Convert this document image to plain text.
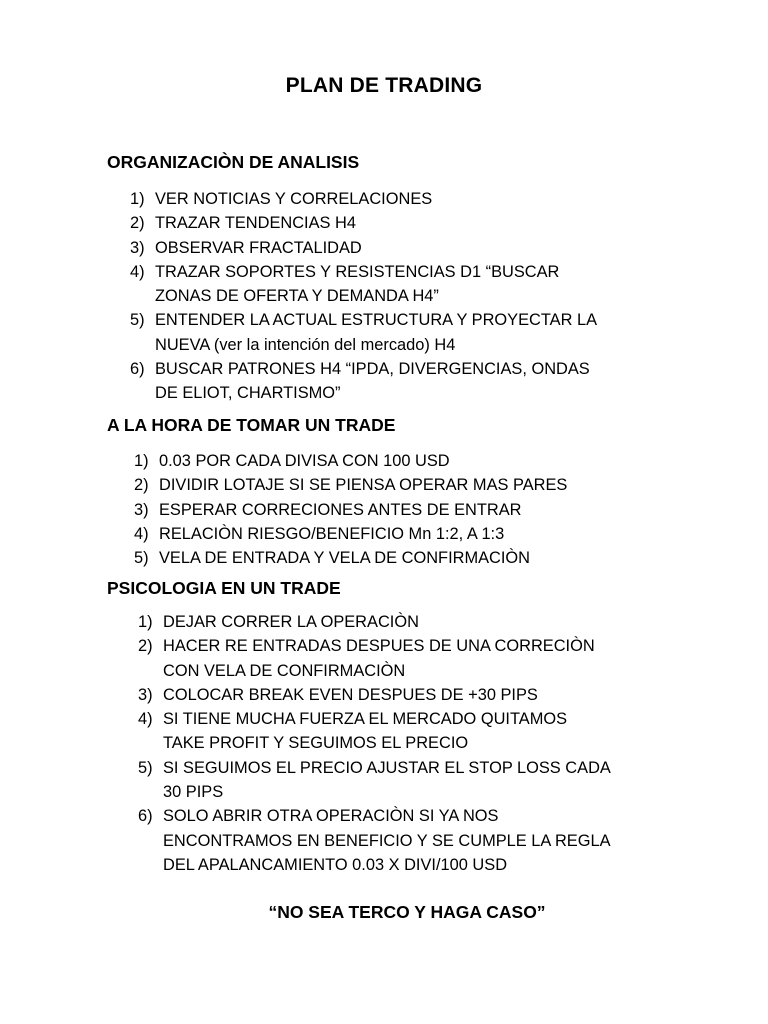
PLAN DE TRADING
ORGANIZACIÒN DE ANALISIS
1) VER NOTICIAS Y CORRELACIONES
2) TRAZAR TENDENCIAS H4
3) OBSERVAR FRACTALIDAD
4) TRAZAR SOPORTES Y RESISTENCIAS D1 “BUSCAR
ZONAS DE OFERTA Y DEMANDA H4”
5) ENTENDER LA ACTUAL ESTRUCTURA Y PROYECTAR LA
NUEVA (ver la intención del mercado) H4
6) BUSCAR PATRONES H4 “IPDA, DIVERGENCIAS, ONDAS
DE ELIOT, CHARTISMO”
A LA HORA DE TOMAR UN TRADE
1) 0.03 POR CADA DIVISA CON 100 USD
2) DIVIDIR LOTAJE SI SE PIENSA OPERAR MAS PARES
3) ESPERAR CORRECIONES ANTES DE ENTRAR
4) RELACIÒN RIESGO/BENEFICIO Mn 1:2, A 1:3
5) VELA DE ENTRADA Y VELA DE CONFIRMACIÒN
PSICOLOGIA EN UN TRADE
1) DEJAR CORRER LA OPERACIÒN
2) HACER RE ENTRADAS DESPUES DE UNA CORRECIÒN
CON VELA DE CONFIRMACIÒN
3) COLOCAR BREAK EVEN DESPUES DE +30 PIPS
4) SI TIENE MUCHA FUERZA EL MERCADO QUITAMOS
TAKE PROFIT Y SEGUIMOS EL PRECIO
5) SI SEGUIMOS EL PRECIO AJUSTAR EL STOP LOSS CADA
30 PIPS
6) SOLO ABRIR OTRA OPERACIÒN SI YA NOS
ENCONTRAMOS EN BENEFICIO Y SE CUMPLE LA REGLA
DEL APALANCAMIENTO 0.03 X DIVI/100 USD
“NO SEA TERCO Y HAGA CASO”
